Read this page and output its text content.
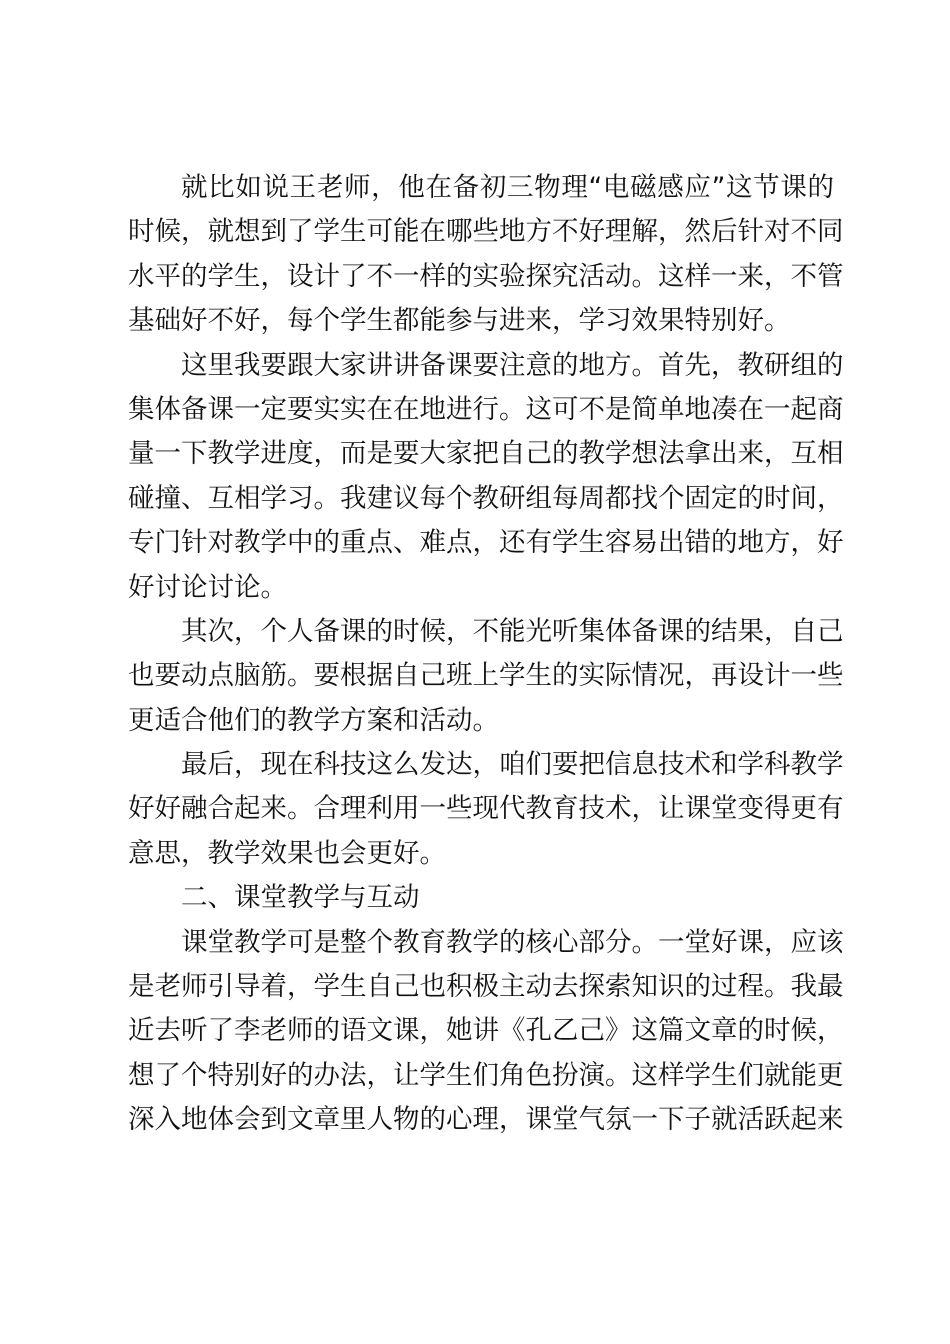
就比如说王老师，他在备初三物理“电磁感应”这节课的
时候，就想到了学生可能在哪些地方不好理解，然后针对不同
水平的学生，设计了不一样的实验探究活动。这样一来，不管
基础好不好，每个学生都能参与进来，学习效果特别好。
这里我要跟大家讲讲备课要注意的地方。首先，教研组的
集体备课一定要实实在在地进行。这可不是简单地凑在一起商
量一下教学进度，而是要大家把自己的教学想法拿出来，互相
碰撞、互相学习。我建议每个教研组每周都找个固定的时间，
专门针对教学中的重点、难点，还有学生容易出错的地方，好
好讨论讨论。
其次，个人备课的时候，不能光听集体备课的结果，自己
也要动点脑筋。要根据自己班上学生的实际情况，再设计一些
更适合他们的教学方案和活动。
最后，现在科技这么发达，咱们要把信息技术和学科教学
好好融合起来。合理利用一些现代教育技术，让课堂变得更有
意思，教学效果也会更好。
二、课堂教学与互动
课堂教学可是整个教育教学的核心部分。一堂好课，应该
是老师引导着，学生自己也积极主动去探索知识的过程。我最
近去听了李老师的语文课，她讲《孔乙己》这篇文章的时候，
想了个特别好的办法，让学生们角色扮演。这样学生们就能更
深入地体会到文章里人物的心理，课堂气氛一下子就活跃起来
